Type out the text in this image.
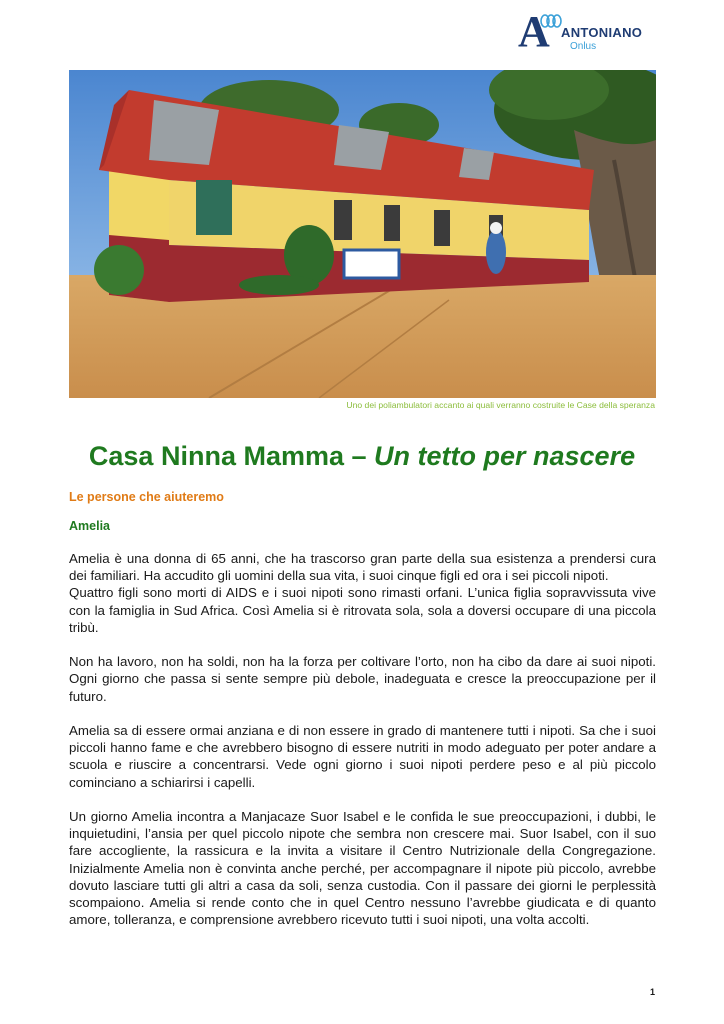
A ANTONIANO
Onlus
Uno dei poliambulatori accanto ai quali verranno costruite le Case della speranza
Casa Ninna Mamma – Un tetto per nascere
Le persone che aiuteremo
Amelia

Amelia è una donna di 65 anni, che ha trascorso gran parte della sua esistenza a prendersi cura dei familiari. Ha accudito gli uomini della sua vita, i suoi cinque figli ed ora i sei piccoli nipoti.
Quattro figli sono morti di AIDS e i suoi nipoti sono rimasti orfani. L’unica figlia sopravvissuta vive con la famiglia in Sud Africa. Così Amelia si è ritrovata sola, sola a doversi occupare di una piccola tribù.

Non ha lavoro, non ha soldi, non ha la forza per coltivare l’orto, non ha cibo da dare ai suoi nipoti. Ogni giorno che passa si sente sempre più debole, inadeguata e cresce la preoccupazione per il futuro.

Amelia sa di essere ormai anziana e di non essere in grado di mantenere tutti i nipoti. Sa che i suoi piccoli hanno fame e che avrebbero bisogno di essere nutriti in modo adeguato per poter andare a scuola e riuscire a concentrarsi. Vede ogni giorno i suoi nipoti perdere peso e al più piccolo cominciano a schiarirsi i capelli.

Un giorno Amelia incontra a Manjacaze Suor Isabel e le confida le sue preoccupazioni, i dubbi, le inquietudini, l’ansia per quel piccolo nipote che sembra non crescere mai. Suor Isabel, con il suo fare accogliente, la rassicura e la invita a visitare il Centro Nutrizionale della Congregazione. Inizialmente Amelia non è convinta anche perché, per accompagnare il nipote più piccolo, avrebbe dovuto lasciare tutti gli altri a casa da soli, senza custodia. Con il passare dei giorni le perplessità scompaiono. Amelia si rende conto che in quel Centro nessuno l’avrebbe giudicata e di quanto amore, tolleranza, e comprensione avrebbero ricevuto tutti i suoi nipoti, una volta accolti.

1
